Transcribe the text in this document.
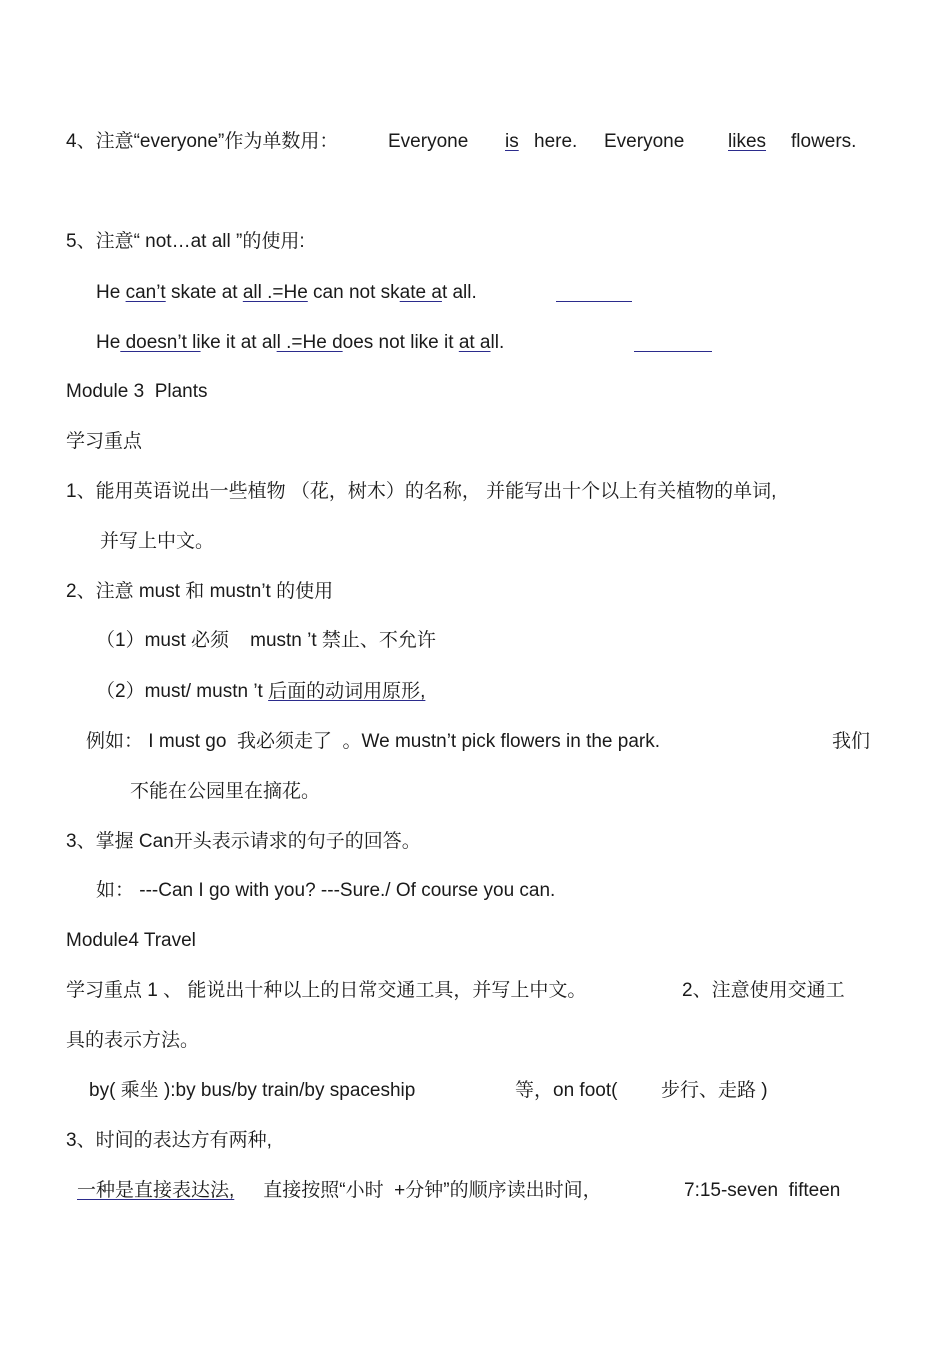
4、注意“everyone”作为单数用：	Everyone is here. Everyone likes flowers.
5、注意“ not…at all ”的使用:
He can’t skate at all .=He can not skate at all.
He doesn’t like it at all .=He does not like it at all.
Module 3  Plants
学习重点
1、能用英语说出一些植物 （花，树木）的名称， 并能写出十个以上有关植物的单词,
并写上中文。
2、注意 must 和 mustn’t 的使用
（1）must 必须    mustn ’t 禁止、不允许
（2）must/ mustn ’t 后面的动词用原形,
例如： I must go  我必须走了  。We mustn’t pick flowers in the park.	我们
不能在公园里在摘花。
3、掌握 Can开头表示请求的句子的回答。
如： ---Can I go with you? ---Sure./ Of course you can.
Module4 Travel
学习重点 1 、 能说出十种以上的日常交通工具，并写上中文。	2、注意使用交通工
具的表示方法。
by( 乘坐 ):by bus/by train/by spaceship	等，on foot( 步行、走路 )
3、时间的表达方有两种,
一种是直接表达法, 直接按照“小时  +分钟”的顺序读出时间，	7:15-seven  fifteen
